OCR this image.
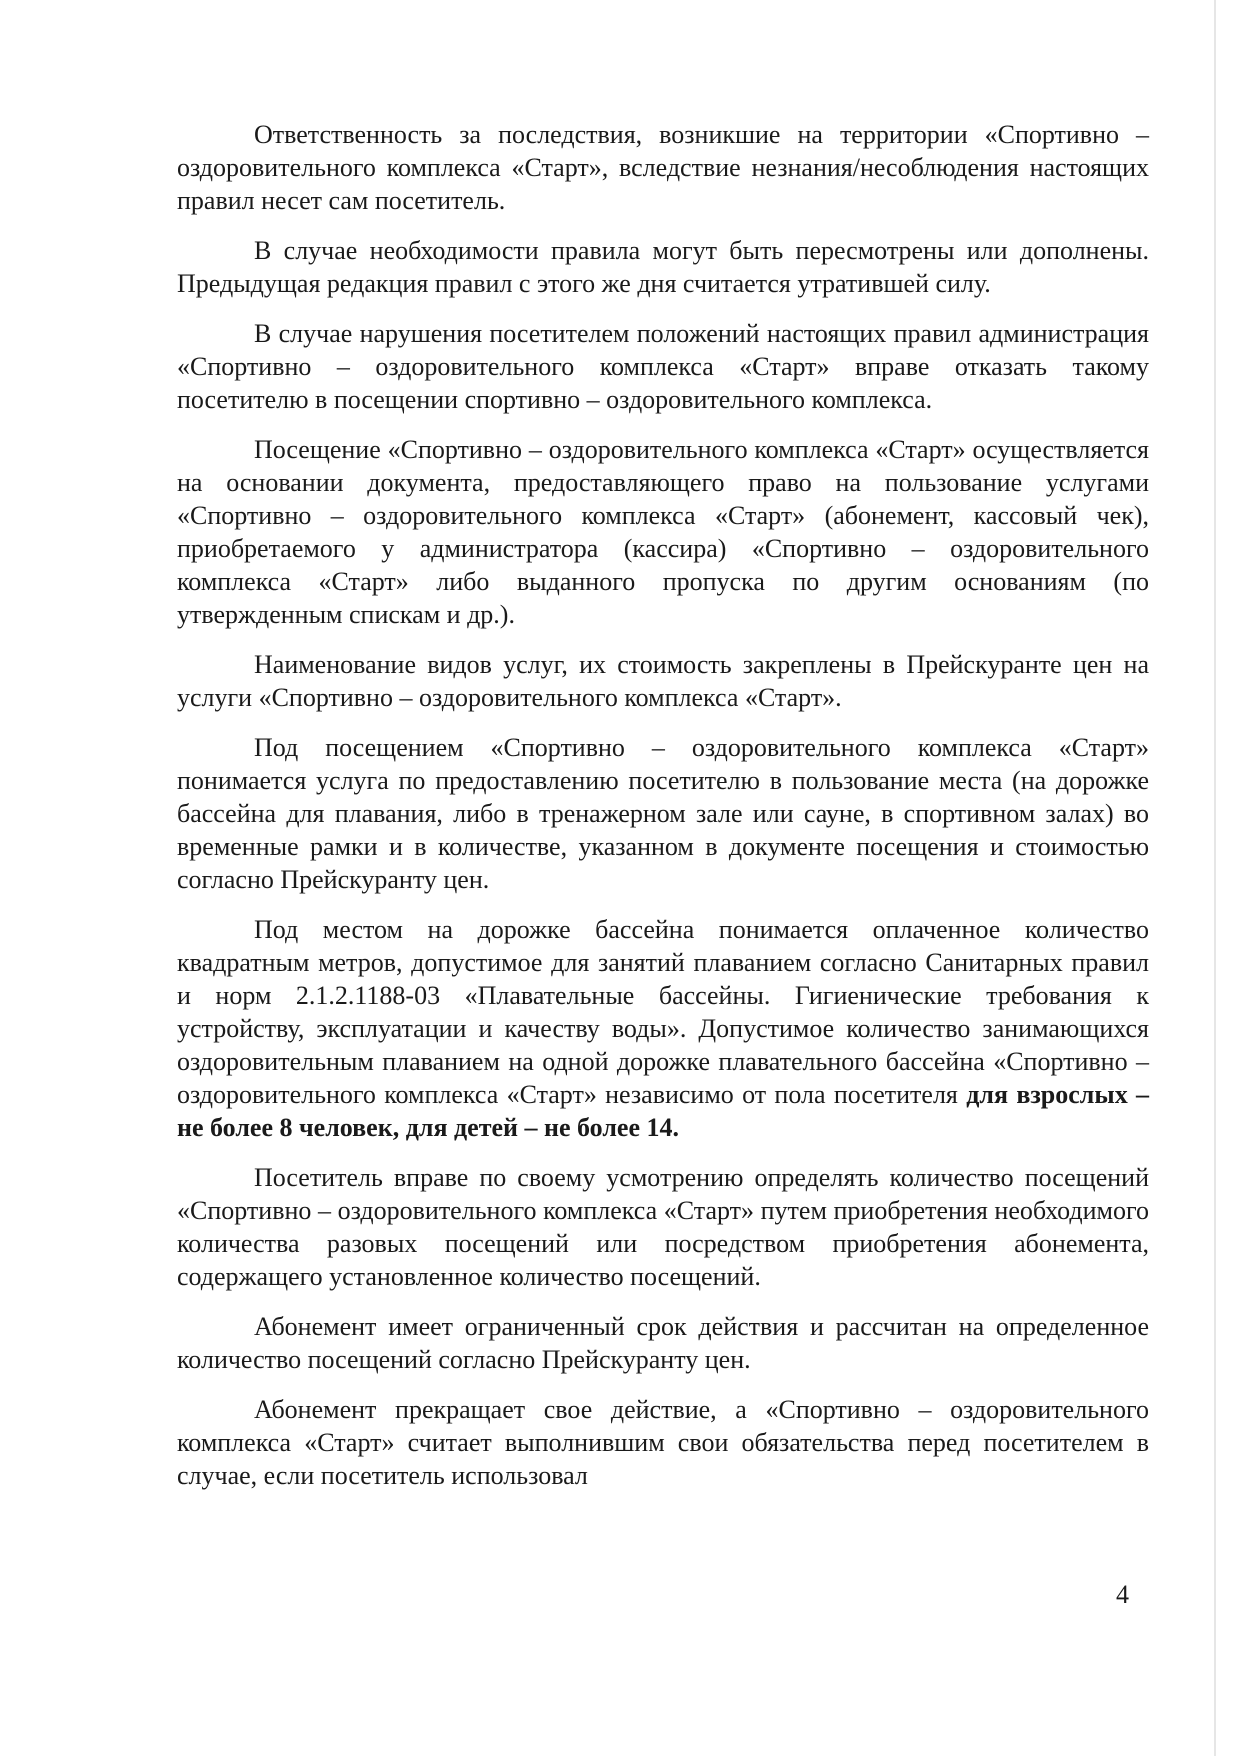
Ответственность за последствия, возникшие на территории «Спортивно – оздоровительного комплекса «Старт», вследствие незнания/несоблюдения настоящих правил несет сам посетитель.

В случае необходимости правила могут быть пересмотрены или дополнены. Предыдущая редакция правил с этого же дня считается утратившей силу.

В случае нарушения посетителем положений настоящих правил администрация «Спортивно – оздоровительного комплекса «Старт» вправе отказать такому посетителю в посещении спортивно – оздоровительного комплекса.

Посещение «Спортивно – оздоровительного комплекса «Старт» осуществляется на основании документа, предоставляющего право на пользование услугами «Спортивно – оздоровительного комплекса «Старт» (абонемент, кассовый чек), приобретаемого у администратора (кассира) «Спортивно – оздоровительного комплекса «Старт» либо выданного пропуска по другим основаниям (по утвержденным спискам и др.).

Наименование видов услуг, их стоимость закреплены в Прейскуранте цен на услуги «Спортивно – оздоровительного комплекса «Старт».

Под посещением «Спортивно – оздоровительного комплекса «Старт» понимается услуга по предоставлению посетителю в пользование места (на дорожке бассейна для плавания, либо в тренажерном зале или сауне, в спортивном залах) во временные рамки и в количестве, указанном в документе посещения и стоимостью согласно Прейскуранту цен.

Под местом на дорожке бассейна понимается оплаченное количество квадратным метров, допустимое для занятий плаванием согласно Санитарных правил и норм 2.1.2.1188-03 «Плавательные бассейны. Гигиенические требования к устройству, эксплуатации и качеству воды». Допустимое количество занимающихся оздоровительным плаванием на одной дорожке плавательного бассейна «Спортивно – оздоровительного комплекса «Старт» независимо от пола посетителя для взрослых – не более 8 человек, для детей – не более 14.

Посетитель вправе по своему усмотрению определять количество посещений «Спортивно – оздоровительного комплекса «Старт» путем приобретения необходимого количества разовых посещений или посредством приобретения абонемента, содержащего установленное количество посещений.

Абонемент имеет ограниченный срок действия и рассчитан на определенное количество посещений согласно Прейскуранту цен.

Абонемент прекращает свое действие, а «Спортивно – оздоровительного комплекса «Старт» считает выполнившим свои обязательства перед посетителем в случае, если посетитель использовал

4
